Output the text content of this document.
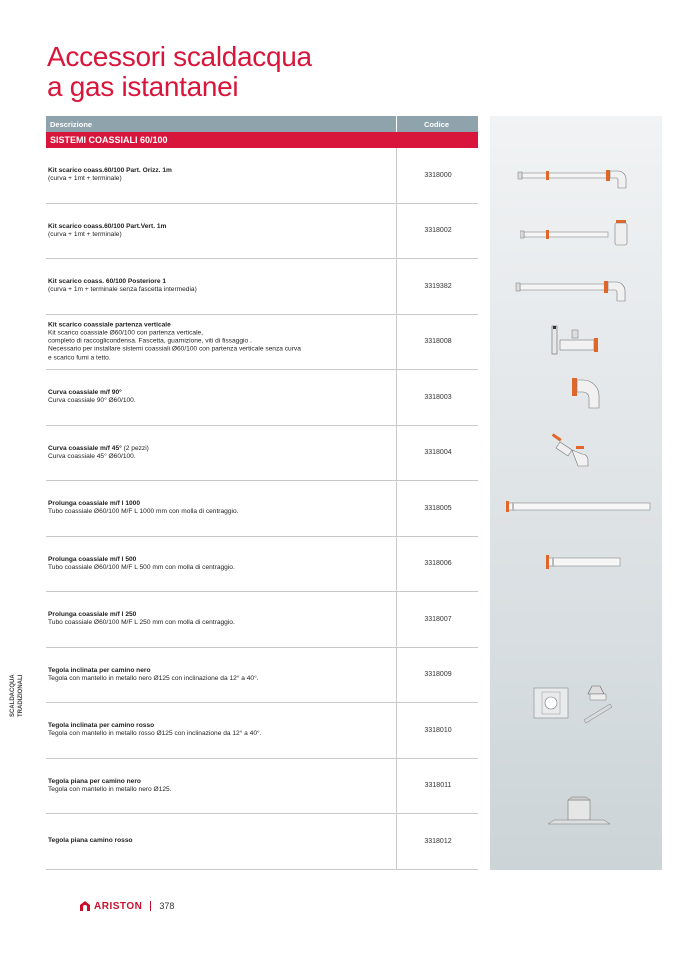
Accessori scaldacqua
a gas istantanei
Descrizione	Codice
SISTEMI COASSIALI 60/100
Kit scarico coass.60/100 Part. Orizz. 1m
(curva + 1mt + terminale)	3318000
Kit scarico coass.60/100 Part.Vert. 1m
(curva + 1mt + terminale)	3318002
Kit scarico coass. 60/100 Posteriore 1
(curva + 1m + terminale senza fascetta intermedia)	3319382
Kit scarico coassiale partenza verticale
Kit scarico coassiale Ø60/100 con partenza verticale,
completo di raccoglicondensa. Fascetta, guarnizione, viti di fissaggio .
Necessario per installare sistemi coassiali Ø60/100 con partenza verticale senza curva
e scarico fumi a tetto.
3318008
Curva coassiale m/f 90°
Curva coassiale 90° Ø60/100.	3318003
Curva coassiale m/f 45° (2 pezzi)
Curva coassiale 45° Ø60/100.	3318004
Prolunga coassiale m/f l 1000
Tubo coassiale Ø60/100 M/F L 1000 mm con molla di centraggio.	3318005
Prolunga coassiale m/f l 500
Tubo coassiale Ø60/100 M/F L 500 mm con molla di centraggio.	3318006
Prolunga coassiale m/f l 250
Tubo coassiale Ø60/100 M/F L 250 mm con molla di centraggio.	3318007
Tegola inclinata per camino nero
Tegola con mantello in metallo nero Ø125 con inclinazione da 12° a 40°.	3318009
Tegola inclinata per camino rosso
Tegola con mantello in metallo rosso Ø125 con inclinazione da 12° a 40°.	3318010
Tegola piana per camino nero
Tegola con mantello in metallo nero Ø125.	3318011
Tegola piana camino rosso	3318012
SCALDACQUA TRADIZIONALI
ARISTON 378
